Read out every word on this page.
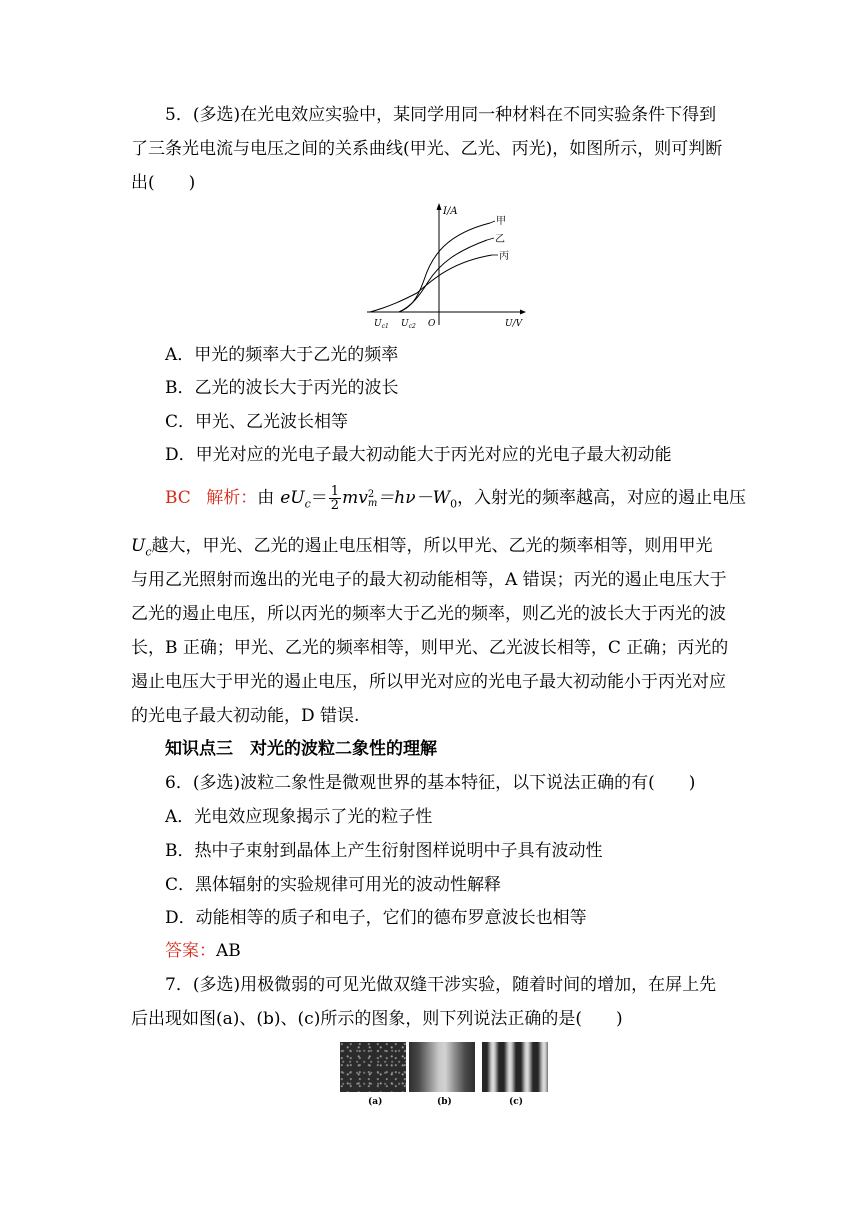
5．(多选)在光电效应实验中，某同学用同一种材料在不同实验条件下得到
了三条光电流与电压之间的关系曲线(甲光、乙光、丙光)，如图所示，则可判断
出(　　)
I/A
甲
乙
丙
O	U/V
$U_{c1}$ $U_{c2}$
A．甲光的频率大于乙光的频率
B．乙光的波长大于丙光的波长
C．甲光、乙光波长相等
D．甲光对应的光电子最大初动能大于丙光对应的光电子最大初动能
BC 解析：由 $eU_c= \frac{1}{2}$ mv 2
$m =h\nu-W_0$，入射光的频率越高，对应的遏止电压
$U_c$越大，甲光、乙光的遏止电压相等，所以甲光、乙光的频率相等，则用甲光
与用乙光照射而逸出的光电子的最大初动能相等，A 错误；丙光的遏止电压大于
乙光的遏止电压，所以丙光的频率大于乙光的频率，则乙光的波长大于丙光的波
长，B 正确；甲光、乙光的频率相等，则甲光、乙光波长相等，C 正确；丙光的
遏止电压大于甲光的遏止电压，所以甲光对应的光电子最大初动能小于丙光对应
的光电子最大初动能，D 错误.
知识点三　对光的波粒二象性的理解
6．(多选)波粒二象性是微观世界的基本特征，以下说法正确的有(　　)
A．光电效应现象揭示了光的粒子性
B．热中子束射到晶体上产生衍射图样说明中子具有波动性
C．黑体辐射的实验规律可用光的波动性解释
D．动能相等的质子和电子，它们的德布罗意波长也相等
答案：AB
7．(多选)用极微弱的可见光做双缝干涉实验，随着时间的增加，在屏上先
后出现如图(a)、(b)、(c)所示的图象，则下列说法正确的是(　　)
(a)	(b)	(c)
